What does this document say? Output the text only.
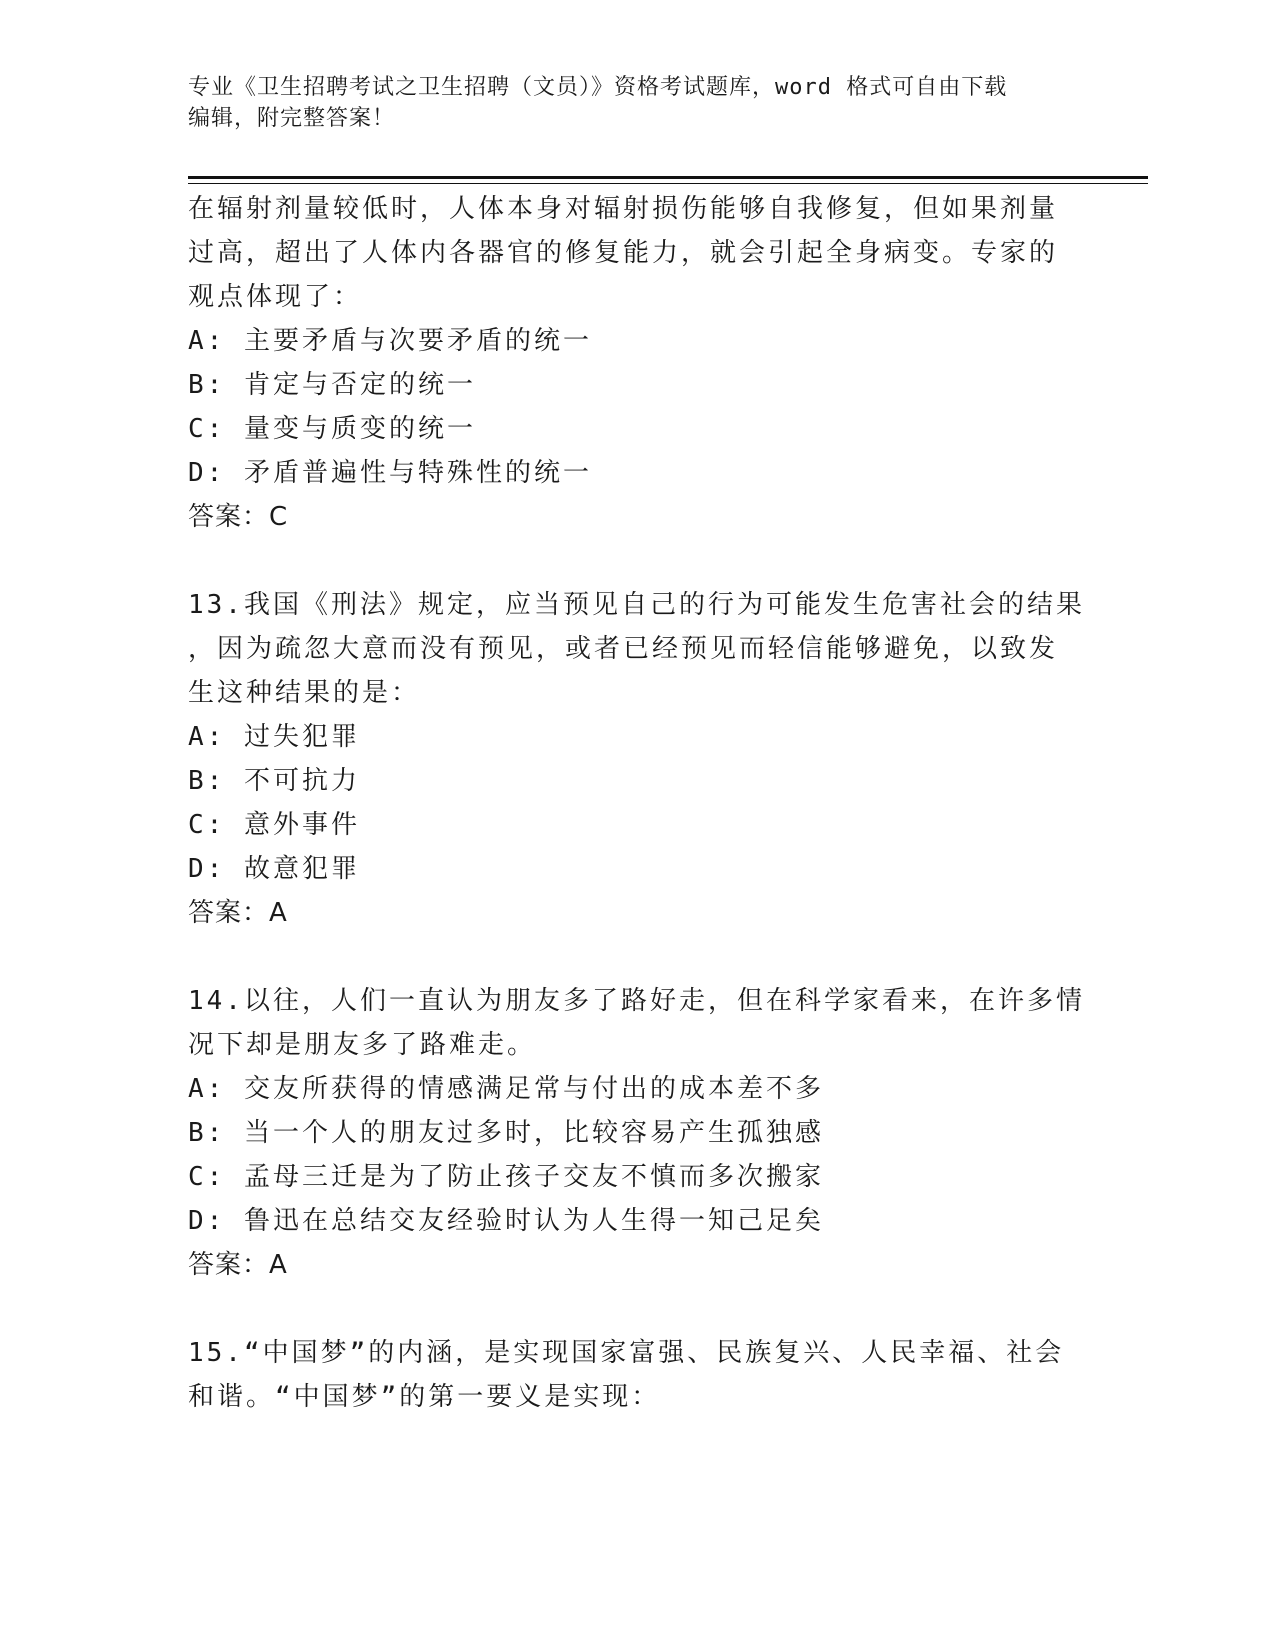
专业《卫生招聘考试之卫生招聘（文员）》资格考试题库，word 格式可自由下载
编辑，附完整答案！

在辐射剂量较低时，人体本身对辐射损伤能够自我修复，但如果剂量

过高，超出了人体内各器官的修复能力，就会引起全身病变。专家的

观点体现了：

A: 主要矛盾与次要矛盾的统一

B: 肯定与否定的统一

C: 量变与质变的统一

D: 矛盾普遍性与特殊性的统一

答案：C

13.我国《刑法》规定，应当预见自己的行为可能发生危害社会的结果

，因为疏忽大意而没有预见，或者已经预见而轻信能够避免，以致发

生这种结果的是：

A: 过失犯罪

B: 不可抗力

C: 意外事件

D: 故意犯罪

答案：A

14.以往，人们一直认为朋友多了路好走，但在科学家看来，在许多情

况下却是朋友多了路难走。

A: 交友所获得的情感满足常与付出的成本差不多

B: 当一个人的朋友过多时，比较容易产生孤独感

C: 孟母三迁是为了防止孩子交友不慎而多次搬家

D: 鲁迅在总结交友经验时认为人生得一知己足矣

答案：A

15.“中国梦”的内涵，是实现国家富强、民族复兴、人民幸福、社会

和谐。“中国梦”的第一要义是实现：
